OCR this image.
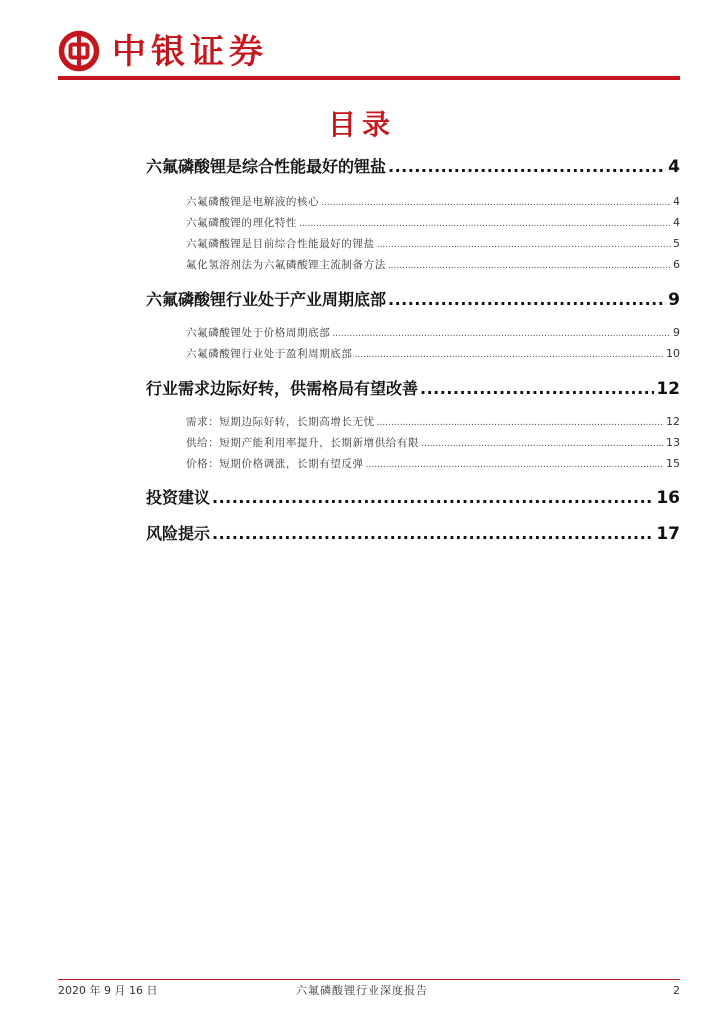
中银证券
目录
六氟磷酸锂是综合性能最好的锂盐 .....	4
六氟磷酸锂是电解液的核心 .....	4
六氟磷酸锂的理化特性 .....	4
六氟磷酸锂是目前综合性能最好的锂盐 .....	5
氟化氢溶剂法为六氟磷酸锂主流制备方法 .....	6
六氟磷酸锂行业处于产业周期底部 .....	9
六氟磷酸锂处于价格周期底部 .....	9
六氟磷酸锂行业处于盈利周期底部 .....	10
行业需求边际好转，供需格局有望改善 .....	12
需求：短期边际好转，长期高增长无忧 .....	12
供给：短期产能利用率提升，长期新增供给有限 .....	13
价格：短期价格调涨，长期有望反弹 .....	15
投资建议 .....	16
风险提示 .....	17
2020 年 9 月 16 日	六氟磷酸锂行业深度报告	2
